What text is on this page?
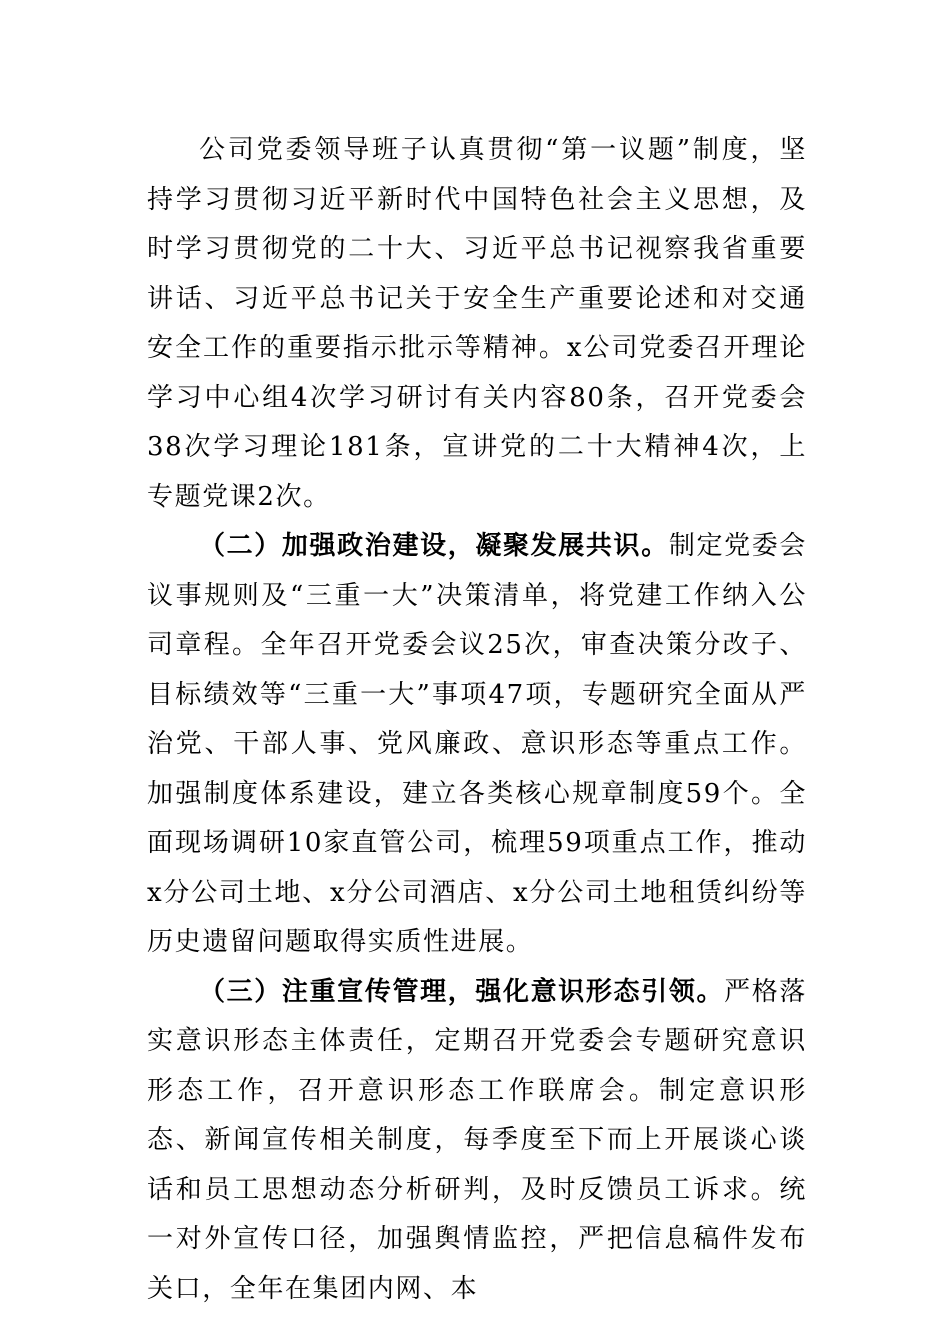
公司党委领导班子认真贯彻“第一议题”制度，坚持学习贯彻习近平新时代中国特色社会主义思想，及时学习贯彻党的二十大、习近平总书记视察我省重要讲话、习近平总书记关于安全生产重要论述和对交通安全工作的重要指示批示等精神。x公司党委召开理论学习中心组4次学习研讨有关内容80条，召开党委会38次学习理论181条，宣讲党的二十大精神4次，上专题党课2次。

（二）加强政治建设，凝聚发展共识。制定党委会议事规则及“三重一大”决策清单，将党建工作纳入公司章程。全年召开党委会议25次，审查决策分改子、目标绩效等“三重一大”事项47项，专题研究全面从严治党、干部人事、党风廉政、意识形态等重点工作。加强制度体系建设，建立各类核心规章制度59个。全面现场调研10家直管公司，梳理59项重点工作，推动x分公司土地、x分公司酒店、x分公司土地租赁纠纷等历史遗留问题取得实质性进展。

（三）注重宣传管理，强化意识形态引领。严格落实意识形态主体责任，定期召开党委会专题研究意识形态工作，召开意识形态工作联席会。制定意识形态、新闻宣传相关制度，每季度至下而上开展谈心谈话和员工思想动态分析研判，及时反馈员工诉求。统一对外宣传口径，加强舆情监控，严把信息稿件发布关口，全年在集团内网、本
